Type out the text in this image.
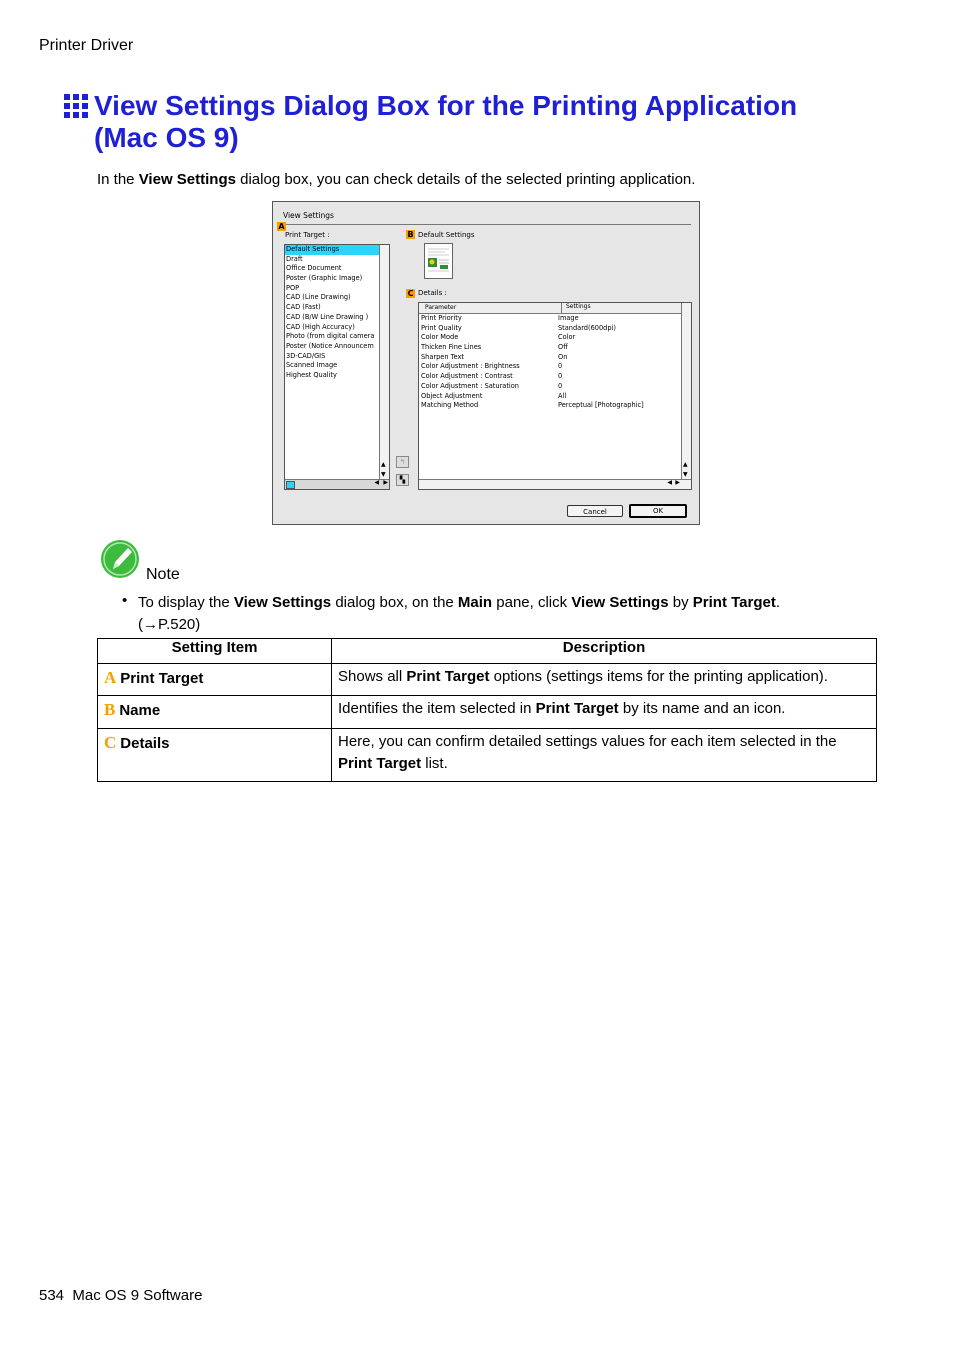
Printer Driver
View Settings Dialog Box for the Printing Application
(Mac OS 9)
In the View Settings dialog box, you can check details of the selected printing application.
View Settings
A
Print Target :
Default Settings
Draft
Office Document
Poster (Graphic Image)
POP
CAD (Line Drawing)
CAD (Fast)
CAD (B/W Line Drawing )
CAD (High Accuracy)
Photo (from digital camera
Poster (Notice Announcem
3D-CAD/GIS
Scanned Image
Highest Quality
▲
▼
◀ ▶
↰
▚
B Default Settings
C Details :
Parameter	Settings
Print Priority	Image
Print Quality	Standard(600dpi)
Color Mode	Color
Thicken Fine Lines	Off
Sharpen Text	On
Color Adjustment : Brightness	0
Color Adjustment : Contrast	0
Color Adjustment : Saturation	0
Object Adjustment	All
Matching Method	Perceptual [Photographic]
▲
▼
◀ ▶
Cancel	OK
Note
• To display the View Settings dialog box, on the Main pane, click View Settings by Print Target.
(→P.520)
Setting Item	Description
A Print Target	Shows all Print Target options (settings items for the printing application).
B Name	Identifies the item selected in Print Target by its name and an icon.
C Details	Here, you can confirm detailed settings values for each item selected in the Print Target list.
534 Mac OS 9 Software
